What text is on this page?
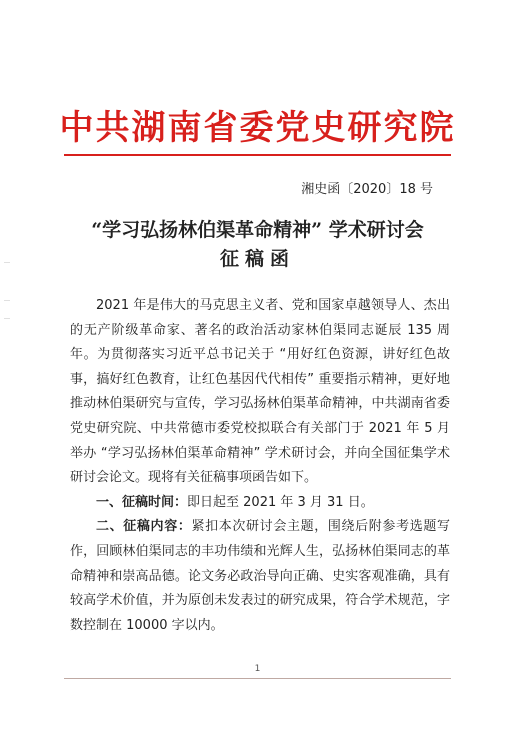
中共湖南省委党史研究院
湘史函〔2020〕18 号
“学习弘扬林伯渠革命精神” 学术研讨会
征稿函

2021 年是伟大的马克思主义者、党和国家卓越领导人、杰出的无产阶级革命家、著名的政治活动家林伯渠同志诞辰 135 周年。为贯彻落实习近平总书记关于 “用好红色资源，讲好红色故事，搞好红色教育，让红色基因代代相传” 重要指示精神，更好地推动林伯渠研究与宣传，学习弘扬林伯渠革命精神，中共湖南省委党史研究院、中共常德市委党校拟联合有关部门于 2021 年 5 月举办 “学习弘扬林伯渠革命精神” 学术研讨会，并向全国征集学术研讨会论文。现将有关征稿事项函告如下。

一、征稿时间：即日起至 2021 年 3 月 31 日。

二、征稿内容：紧扣本次研讨会主题，围绕后附参考选题写作，回顾林伯渠同志的丰功伟绩和光辉人生，弘扬林伯渠同志的革命精神和崇高品德。论文务必政治导向正确、史实客观准确，具有较高学术价值，并为原创未发表过的研究成果，符合学术规范，字数控制在 10000 字以内。

1
